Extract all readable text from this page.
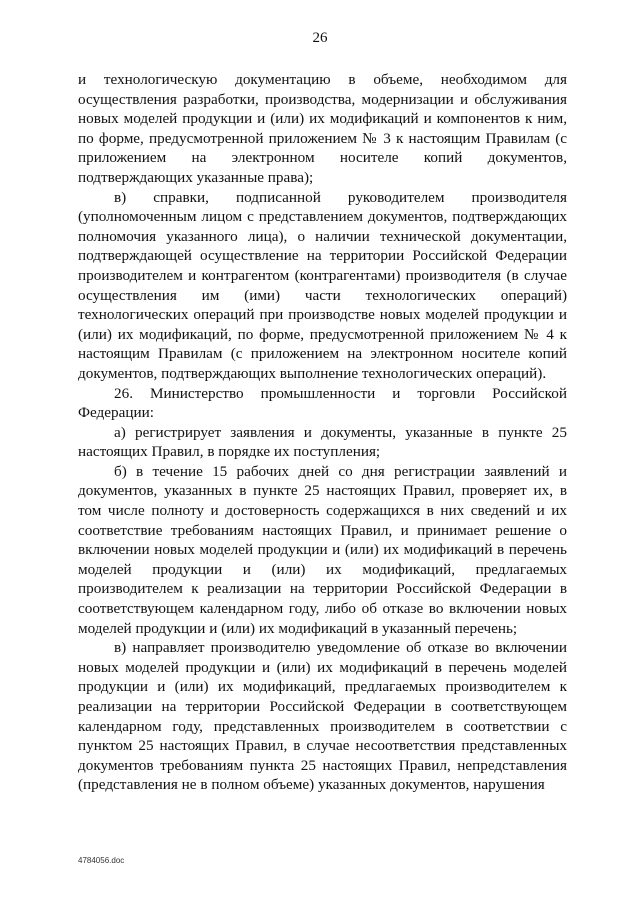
26

и технологическую документацию в объеме, необходимом для осуществления разработки, производства, модернизации и обслуживания новых моделей продукции и (или) их модификаций и компонентов к ним, по форме, предусмотренной приложением № 3 к настоящим Правилам (с приложением на электронном носителе копий документов, подтверждающих указанные права);

в) справки, подписанной руководителем производителя (уполномоченным лицом с представлением документов, подтверждающих полномочия указанного лица), о наличии технической документации, подтверждающей осуществление на территории Российской Федерации производителем и контрагентом (контрагентами) производителя (в случае осуществления им (ими) части технологических операций) технологических операций при производстве новых моделей продукции и (или) их модификаций, по форме, предусмотренной приложением № 4 к настоящим Правилам (с приложением на электронном носителе копий документов, подтверждающих выполнение технологических операций).

26. Министерство промышленности и торговли Российской Федерации:

а) регистрирует заявления и документы, указанные в пункте 25 настоящих Правил, в порядке их поступления;

б) в течение 15 рабочих дней со дня регистрации заявлений и документов, указанных в пункте 25 настоящих Правил, проверяет их, в том числе полноту и достоверность содержащихся в них сведений и их соответствие требованиям настоящих Правил, и принимает решение о включении новых моделей продукции и (или) их модификаций в перечень моделей продукции и (или) их модификаций, предлагаемых производителем к реализации на территории Российской Федерации в соответствующем календарном году, либо об отказе во включении новых моделей продукции и (или) их модификаций в указанный перечень;

в) направляет производителю уведомление об отказе во включении новых моделей продукции и (или) их модификаций в перечень моделей продукции и (или) их модификаций, предлагаемых производителем к реализации на территории Российской Федерации в соответствующем календарном году, представленных производителем в соответствии с пунктом 25 настоящих Правил, в случае несоответствия представленных документов требованиям пункта 25 настоящих Правил, непредставления (представления не в полном объеме) указанных документов, нарушения

4784056.doc
